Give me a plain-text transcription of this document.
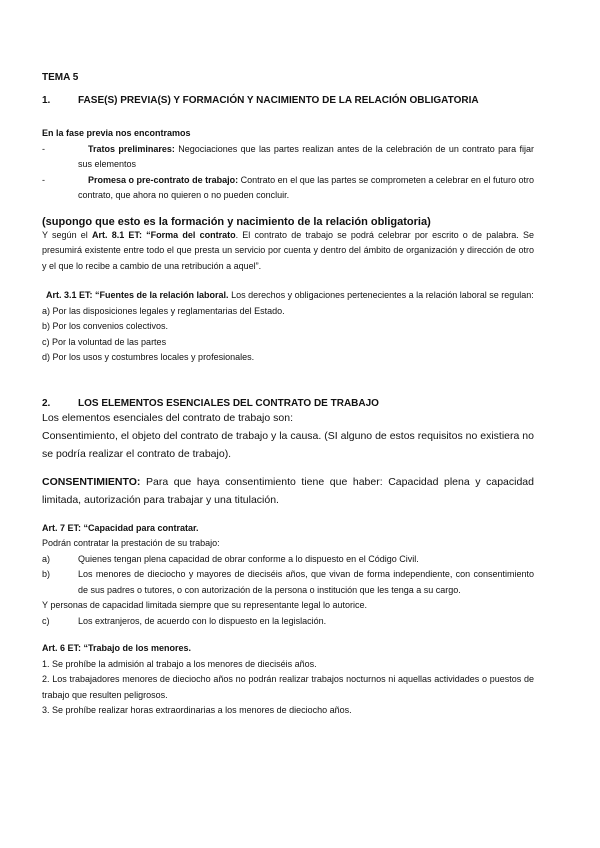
TEMA 5

1.	FASE(S) PREVIA(S) Y FORMACIÓN Y NACIMIENTO DE LA RELACIÓN OBLIGATORIA

En la fase previa nos encontramos

-	Tratos preliminares: Negociaciones que las partes realizan antes de la celebración de un contrato para fijar sus elementos
-	Promesa o pre-contrato de trabajo: Contrato en el que las partes se comprometen a celebrar en el futuro otro contrato, que ahora no quieren o no pueden concluir.

(supongo que esto es la formación y nacimiento de la relación obligatoria)

Y según el Art. 8.1 ET: “Forma del contrato. El contrato de trabajo se podrá celebrar por escrito o de palabra. Se presumirá existente entre todo el que presta un servicio por cuenta y dentro del ámbito de organización y dirección de otro y el que lo recibe a cambio de una retribución a aquel”.

Art. 3.1 ET: “Fuentes de la relación laboral. Los derechos y obligaciones pertenecientes a la relación laboral se regulan:

a) Por las disposiciones legales y reglamentarias del Estado.

b) Por los convenios colectivos.

c) Por la voluntad de las partes

d) Por los usos y costumbres locales y profesionales.

2.	LOS ELEMENTOS ESENCIALES DEL CONTRATO DE TRABAJO

Los elementos esenciales del contrato de trabajo son:

Consentimiento, el objeto del contrato de trabajo y la causa. (SI alguno de estos requisitos no existiera no se podría realizar el contrato de trabajo).

CONSENTIMIENTO: Para que haya consentimiento tiene que haber: Capacidad plena y capacidad limitada, autorización para trabajar y una titulación.

Art. 7 ET: “Capacidad para contratar.

Podrán contratar la prestación de su trabajo:

a)	Quienes tengan plena capacidad de obrar conforme a lo dispuesto en el Código Civil.
b)	Los menores de dieciocho y mayores de dieciséis años, que vivan de forma independiente, con consentimiento de sus padres o tutores, o con autorización de la persona o institución que les tenga a su cargo.

Y personas de capacidad limitada siempre que su representante legal lo autorice.

c)	Los extranjeros, de acuerdo con lo dispuesto en la legislación.

Art. 6 ET: “Trabajo de los menores.

1. Se prohíbe la admisión al trabajo a los menores de dieciséis años.

2. Los trabajadores menores de dieciocho años no podrán realizar trabajos nocturnos ni aquellas actividades o puestos de trabajo que resulten peligrosos.

3. Se prohíbe realizar horas extraordinarias a los menores de dieciocho años.
